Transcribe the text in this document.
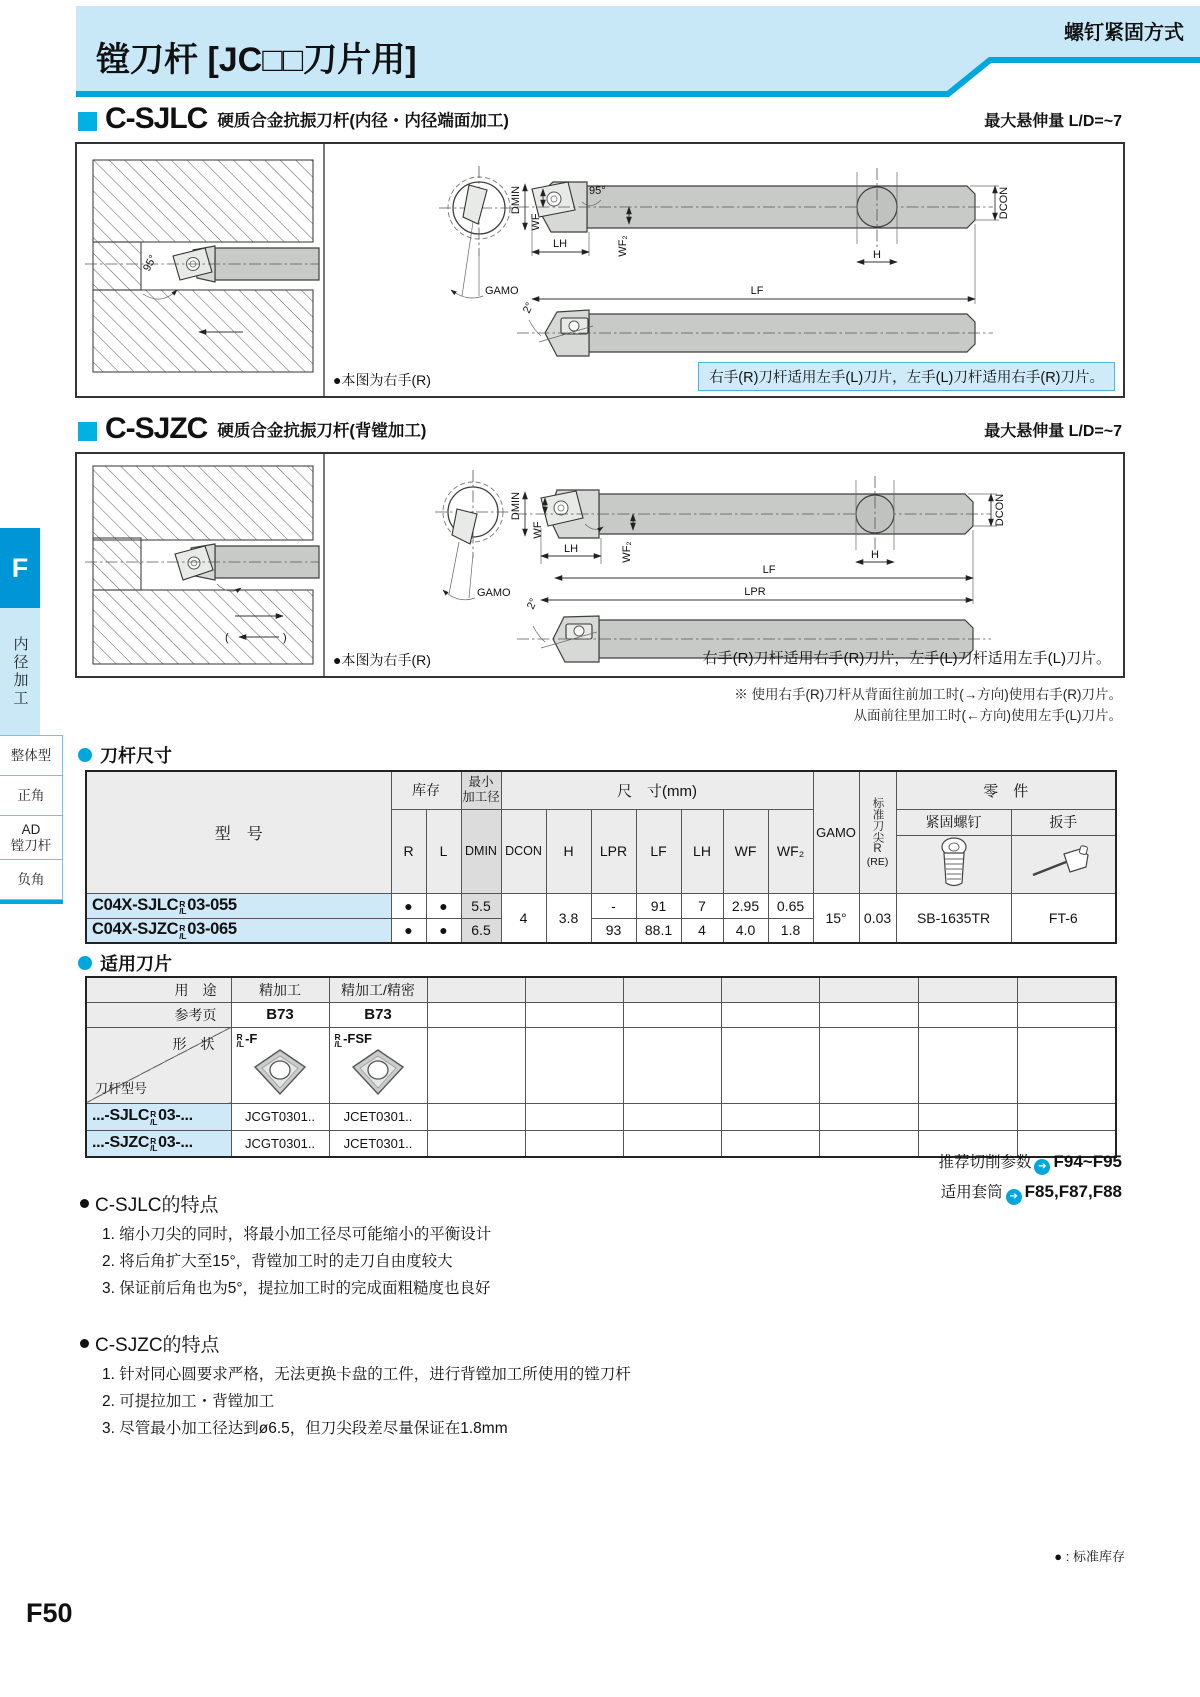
镗刀杆 [JC□□刀片用]
螺钉紧固方式
F
内径加工
整体型
正角
AD
镗刀杆
负角
C-SJLC 硬质合金抗振刀杆(内径・内径端面加工)	最大悬伸量 L/D=~7
95°
GAMO
DMIN
WF
95°
LH	WF₂
LF
H
DCON
2°
●本图为右手(R)	右手(R)刀杆适用左手(L)刀片，左手(L)刀杆适用右手(R)刀片。
C-SJZC 硬质合金抗振刀杆(背镗加工)	最大悬伸量 L/D=~7
(	)
GAMO
DMIN
WF
LH	WF₂	H
LF
LPR
DCON
2°
●本图为右手(R)	右手(R)刀杆适用右手(R)刀片，左手(L)刀杆适用左手(L)刀片。
※ 使用右手(R)刀杆从背面往前加工时(→方向)使用右手(R)刀片。
从面前往里加工时(←方向)使用左手(L)刀片。
刀杆尺寸
型　号	库存	最小
加工径	尺　寸(mm)	GAMO	标准刀尖R
(RE)
	零　件
	R	L	DMIN	DCON	H	LPR	LF	LH	WF	WF₂			紧固螺钉	扳手

C04X-SJLC R
/L 03-055	●	●	5.5	4	3.8	-	91	7	2.95	0.65	15°	0.03	SB-1635TR	FT-6
C04X-SJZC R
/L 03-065	●	●	6.5			93	88.1	4	4.0	1.8				
适用刀片
用　途	精加工	精加工/精密							
参考页	B73	B73							

形　状
刀杆型号	R
/L -F	R
/L -FSF							

...-SJLC R
/L 03-...	JCGT0301..	JCET0301..							
...-SJZC R
/L 03-...	JCGT0301..	JCET0301..							
推荐切削参数 ➔ F94~F95
适用套筒 ➔ F85,F87,F88
C-SJLC的特点
1. 缩小刀尖的同时，将最小加工径尽可能缩小的平衡设计
2. 将后角扩大至15°，背镗加工时的走刀自由度较大
3. 保证前后角也为5°，提拉加工时的完成面粗糙度也良好
C-SJZC的特点
1. 针对同心圆要求严格，无法更换卡盘的工件，进行背镗加工所使用的镗刀杆
2. 可提拉加工・背镗加工
3. 尽管最小加工径达到ø6.5，但刀尖段差尽量保证在1.8mm
● : 标准库存
F50
